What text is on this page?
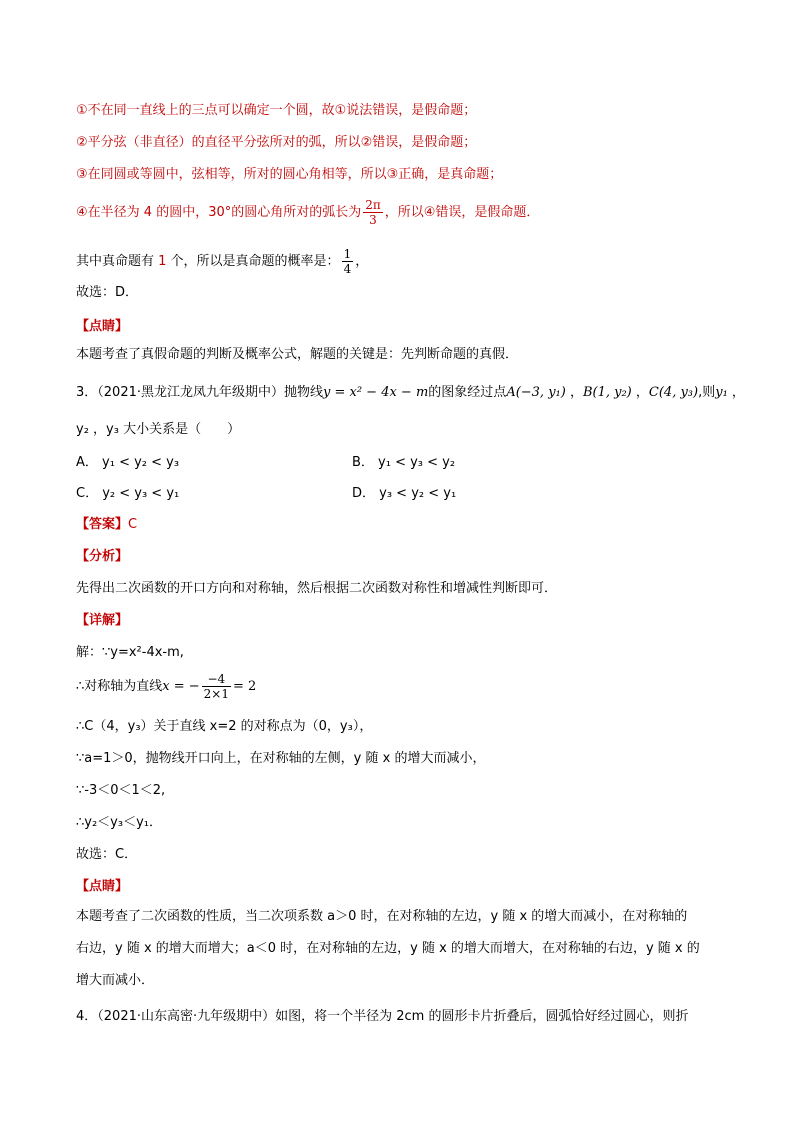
①不在同一直线上的三点可以确定一个圆，故①说法错误，是假命题；
②平分弦（非直径）的直径平分弦所对的弧，所以②错误，是假命题；
③在同圆或等圆中，弦相等，所对的圆心角相等，所以③正确，是真命题；
④在半径为 4 的圆中，30°的圆心角所对的弧长为 $\frac{2\pi}{3}$ ，所以④错误，是假命题．
其中真命题有 1 个，所以是真命题的概率是： $\frac{1}{4}$ ，
故选：D．
【点睛】
本题考查了真假命题的判断及概率公式，解题的关键是：先判断命题的真假．
3．（2021·黑龙江龙凤九年级期中）抛物线y = x² − 4x − m的图象经过点A(−3, y₁) ，B(1, y₂) ，C(4, y₃),则y₁ ，
y₂ ，y₃ 大小关系是（　　）
A． y₁ < y₂ < y₃	B． y₁ < y₃ < y₂
C． y₂ < y₃ < y₁	D． y₃ < y₂ < y₁
【答案】C
【分析】
先得出二次函数的开口方向和对称轴，然后根据二次函数对称性和增减性判断即可．
【详解】
解：∵y=x²-4x-m,
∴对称轴为直线x = − $\frac{-4}{2\times 1} = 2$
∴C（4，y₃）关于直线 x=2 的对称点为（0，y₃），
∵a=1＞0，抛物线开口向上，在对称轴的左侧，y 随 x 的增大而减小，
∵-3＜0＜1＜2,
∴y₂＜y₃＜y₁．
故选：C．
【点睛】
本题考查了二次函数的性质，当二次项系数 a＞0 时，在对称轴的左边，y 随 x 的增大而减小，在对称轴的
右边，y 随 x 的增大而增大；a＜0 时，在对称轴的左边，y 随 x 的增大而增大，在对称轴的右边，y 随 x 的
增大而减小．
4．（2021·山东高密·九年级期中）如图，将一个半径为 2cm 的圆形卡片折叠后，圆弧恰好经过圆心，则折
